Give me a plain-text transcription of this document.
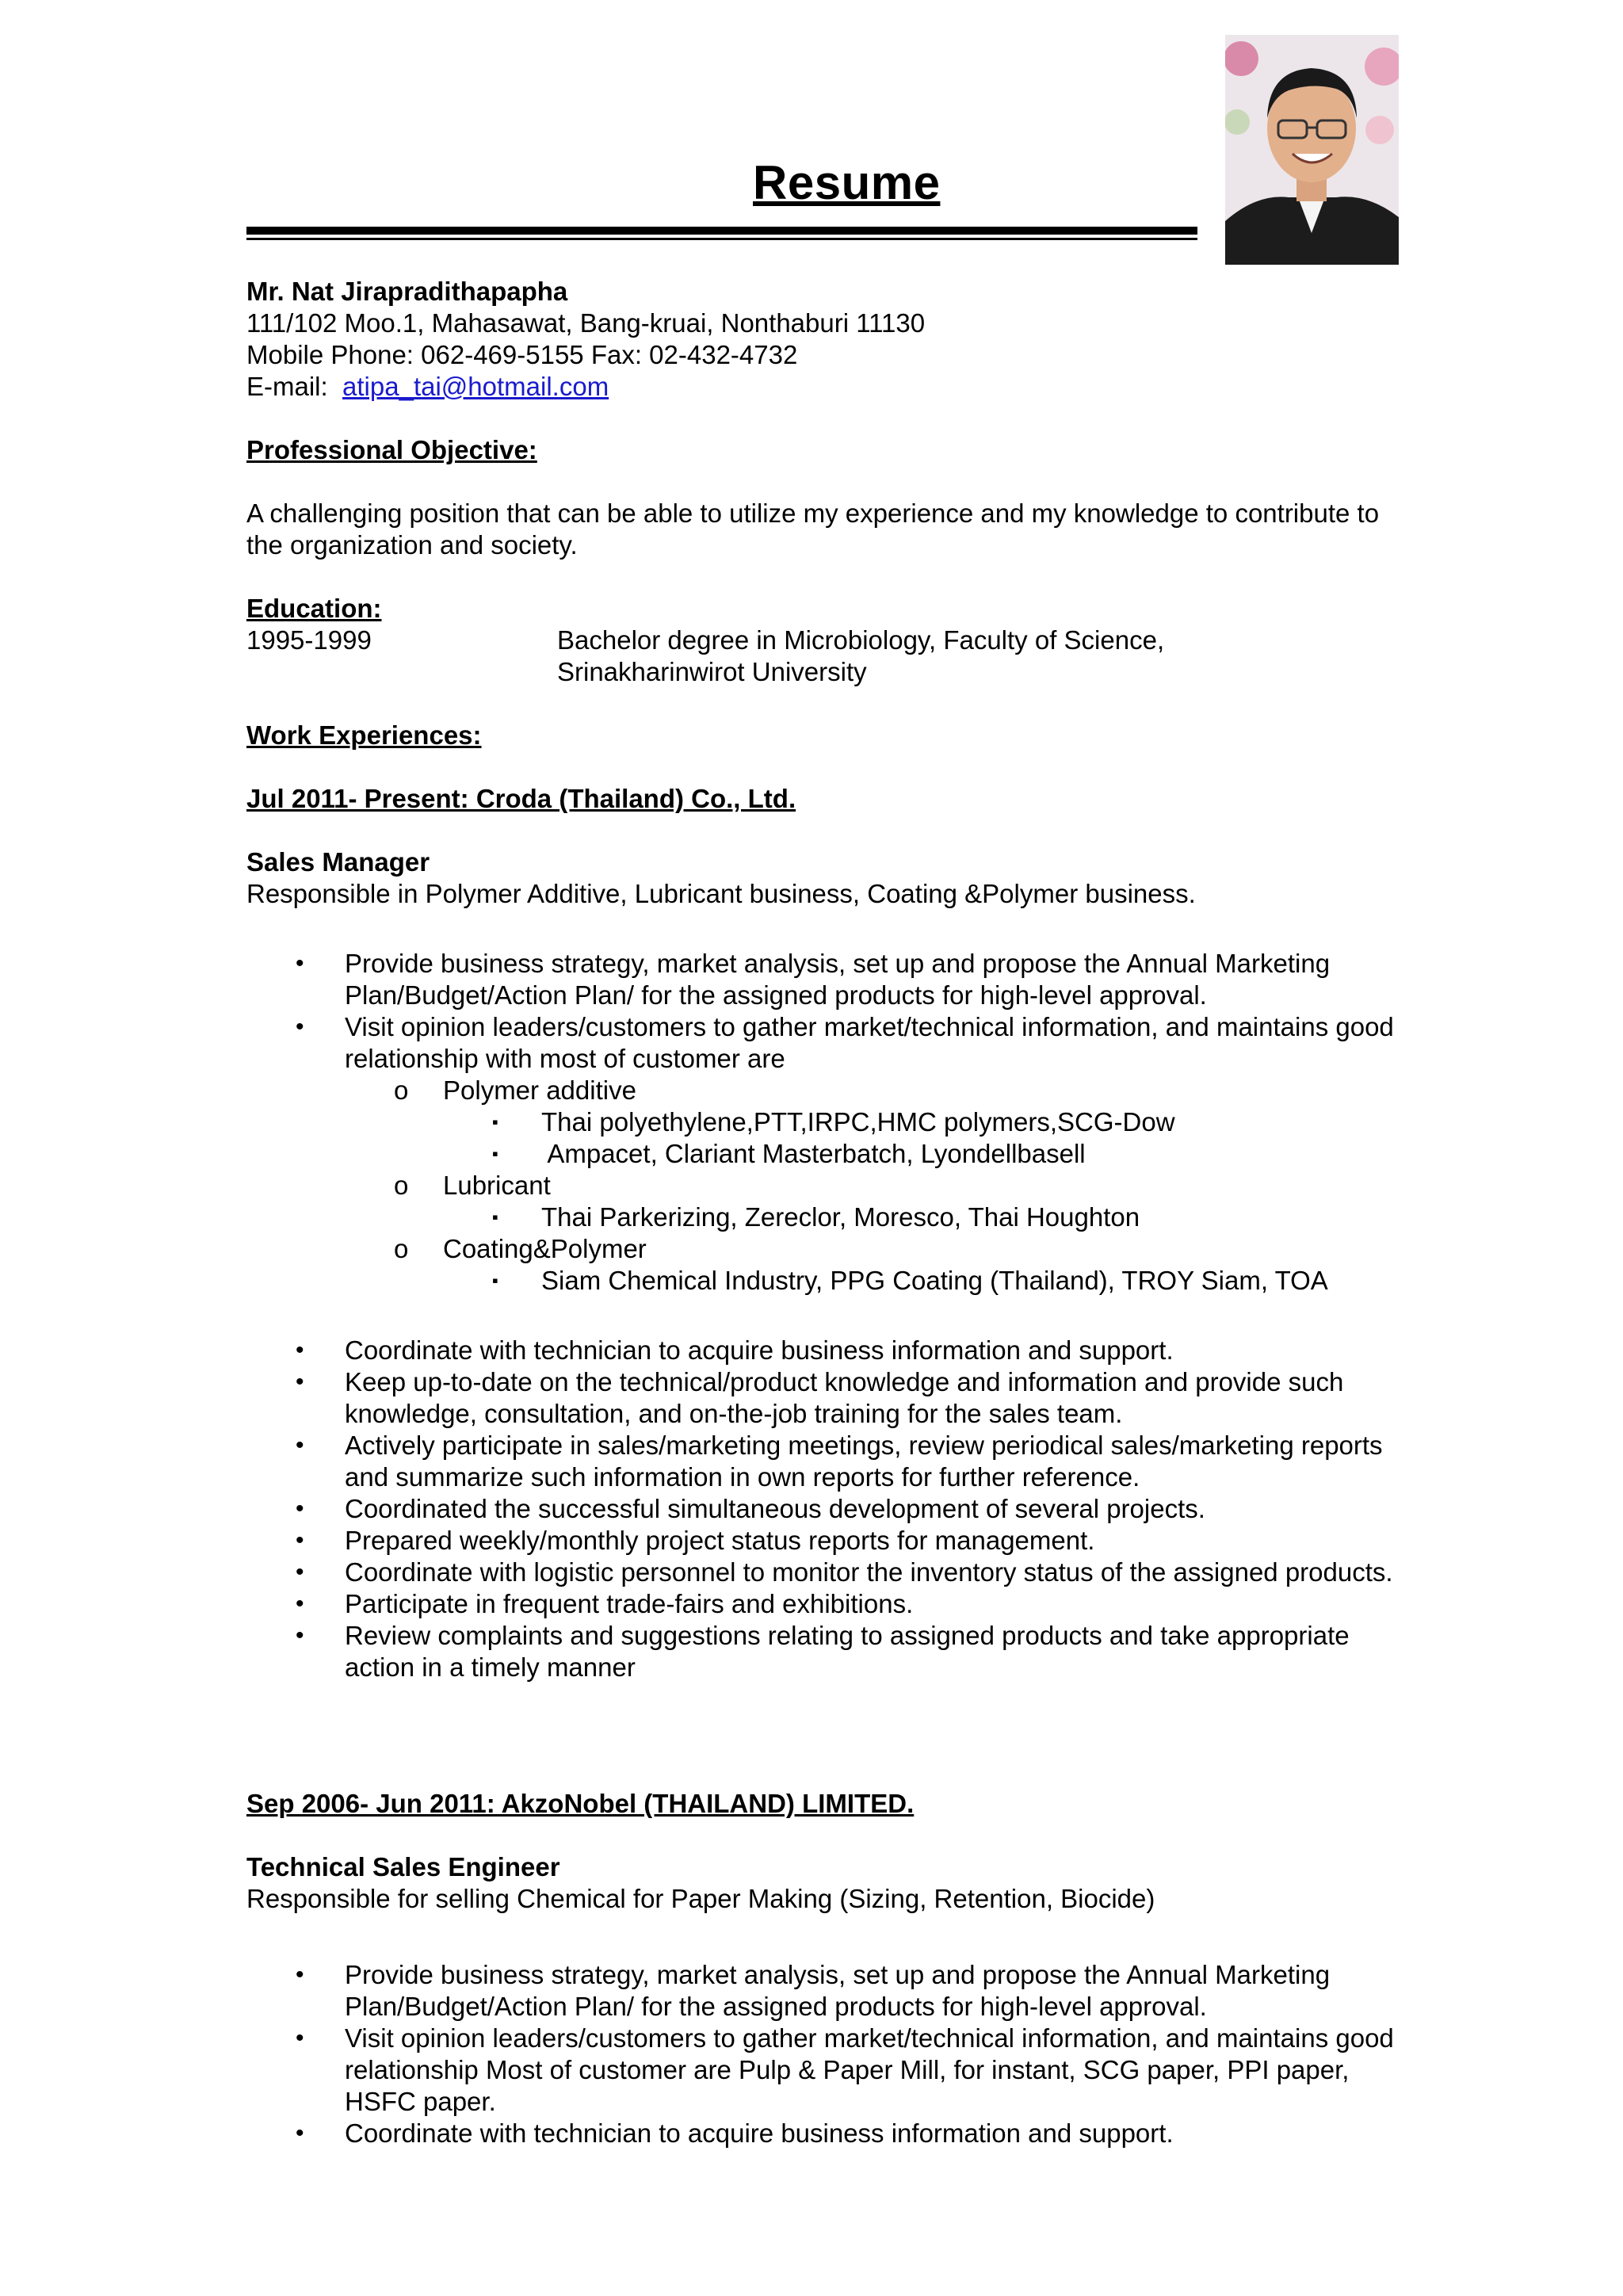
Resume
Mr. Nat Jirapradithapapha
111/102 Moo.1, Mahasawat, Bang-kruai, Nonthaburi 11130
Mobile Phone: 062-469-5155 Fax: 02-432-4732
E-mail: atipa_tai@hotmail.com
Professional Objective:
A challenging position that can be able to utilize my experience and my knowledge to contribute to
the organization and society.
Education:
1995-1999	Bachelor degree in Microbiology, Faculty of Science,
Srinakharinwirot University
Work Experiences:
Jul 2011- Present: Croda (Thailand) Co., Ltd.
Sales Manager
Responsible in Polymer Additive, Lubricant business, Coating &Polymer business.
• Provide business strategy, market analysis, set up and propose the Annual Marketing
Plan/Budget/Action Plan/ for the assigned products for high-level approval.
• Visit opinion leaders/customers to gather market/technical information, and maintains good
relationship with most of customer are
o Polymer additive
▪ Thai polyethylene,PTT,IRPC,HMC polymers,SCG-Dow
▪ Ampacet, Clariant Masterbatch, Lyondellbasell
o Lubricant
▪ Thai Parkerizing, Zereclor, Moresco, Thai Houghton
o Coating&Polymer
▪ Siam Chemical Industry, PPG Coating (Thailand), TROY Siam, TOA
• Coordinate with technician to acquire business information and support.
• Keep up-to-date on the technical/product knowledge and information and provide such
knowledge, consultation, and on-the-job training for the sales team.
• Actively participate in sales/marketing meetings, review periodical sales/marketing reports
and summarize such information in own reports for further reference.
• Coordinated the successful simultaneous development of several projects.
• Prepared weekly/monthly project status reports for management.
• Coordinate with logistic personnel to monitor the inventory status of the assigned products.
• Participate in frequent trade-fairs and exhibitions.
• Review complaints and suggestions relating to assigned products and take appropriate
action in a timely manner
Sep 2006- Jun 2011: AkzoNobel (THAILAND) LIMITED.
Technical Sales Engineer
Responsible for selling Chemical for Paper Making (Sizing, Retention, Biocide)
• Provide business strategy, market analysis, set up and propose the Annual Marketing
Plan/Budget/Action Plan/ for the assigned products for high-level approval.
• Visit opinion leaders/customers to gather market/technical information, and maintains good
relationship Most of customer are Pulp & Paper Mill, for instant, SCG paper, PPI paper,
HSFC paper.
• Coordinate with technician to acquire business information and support.
